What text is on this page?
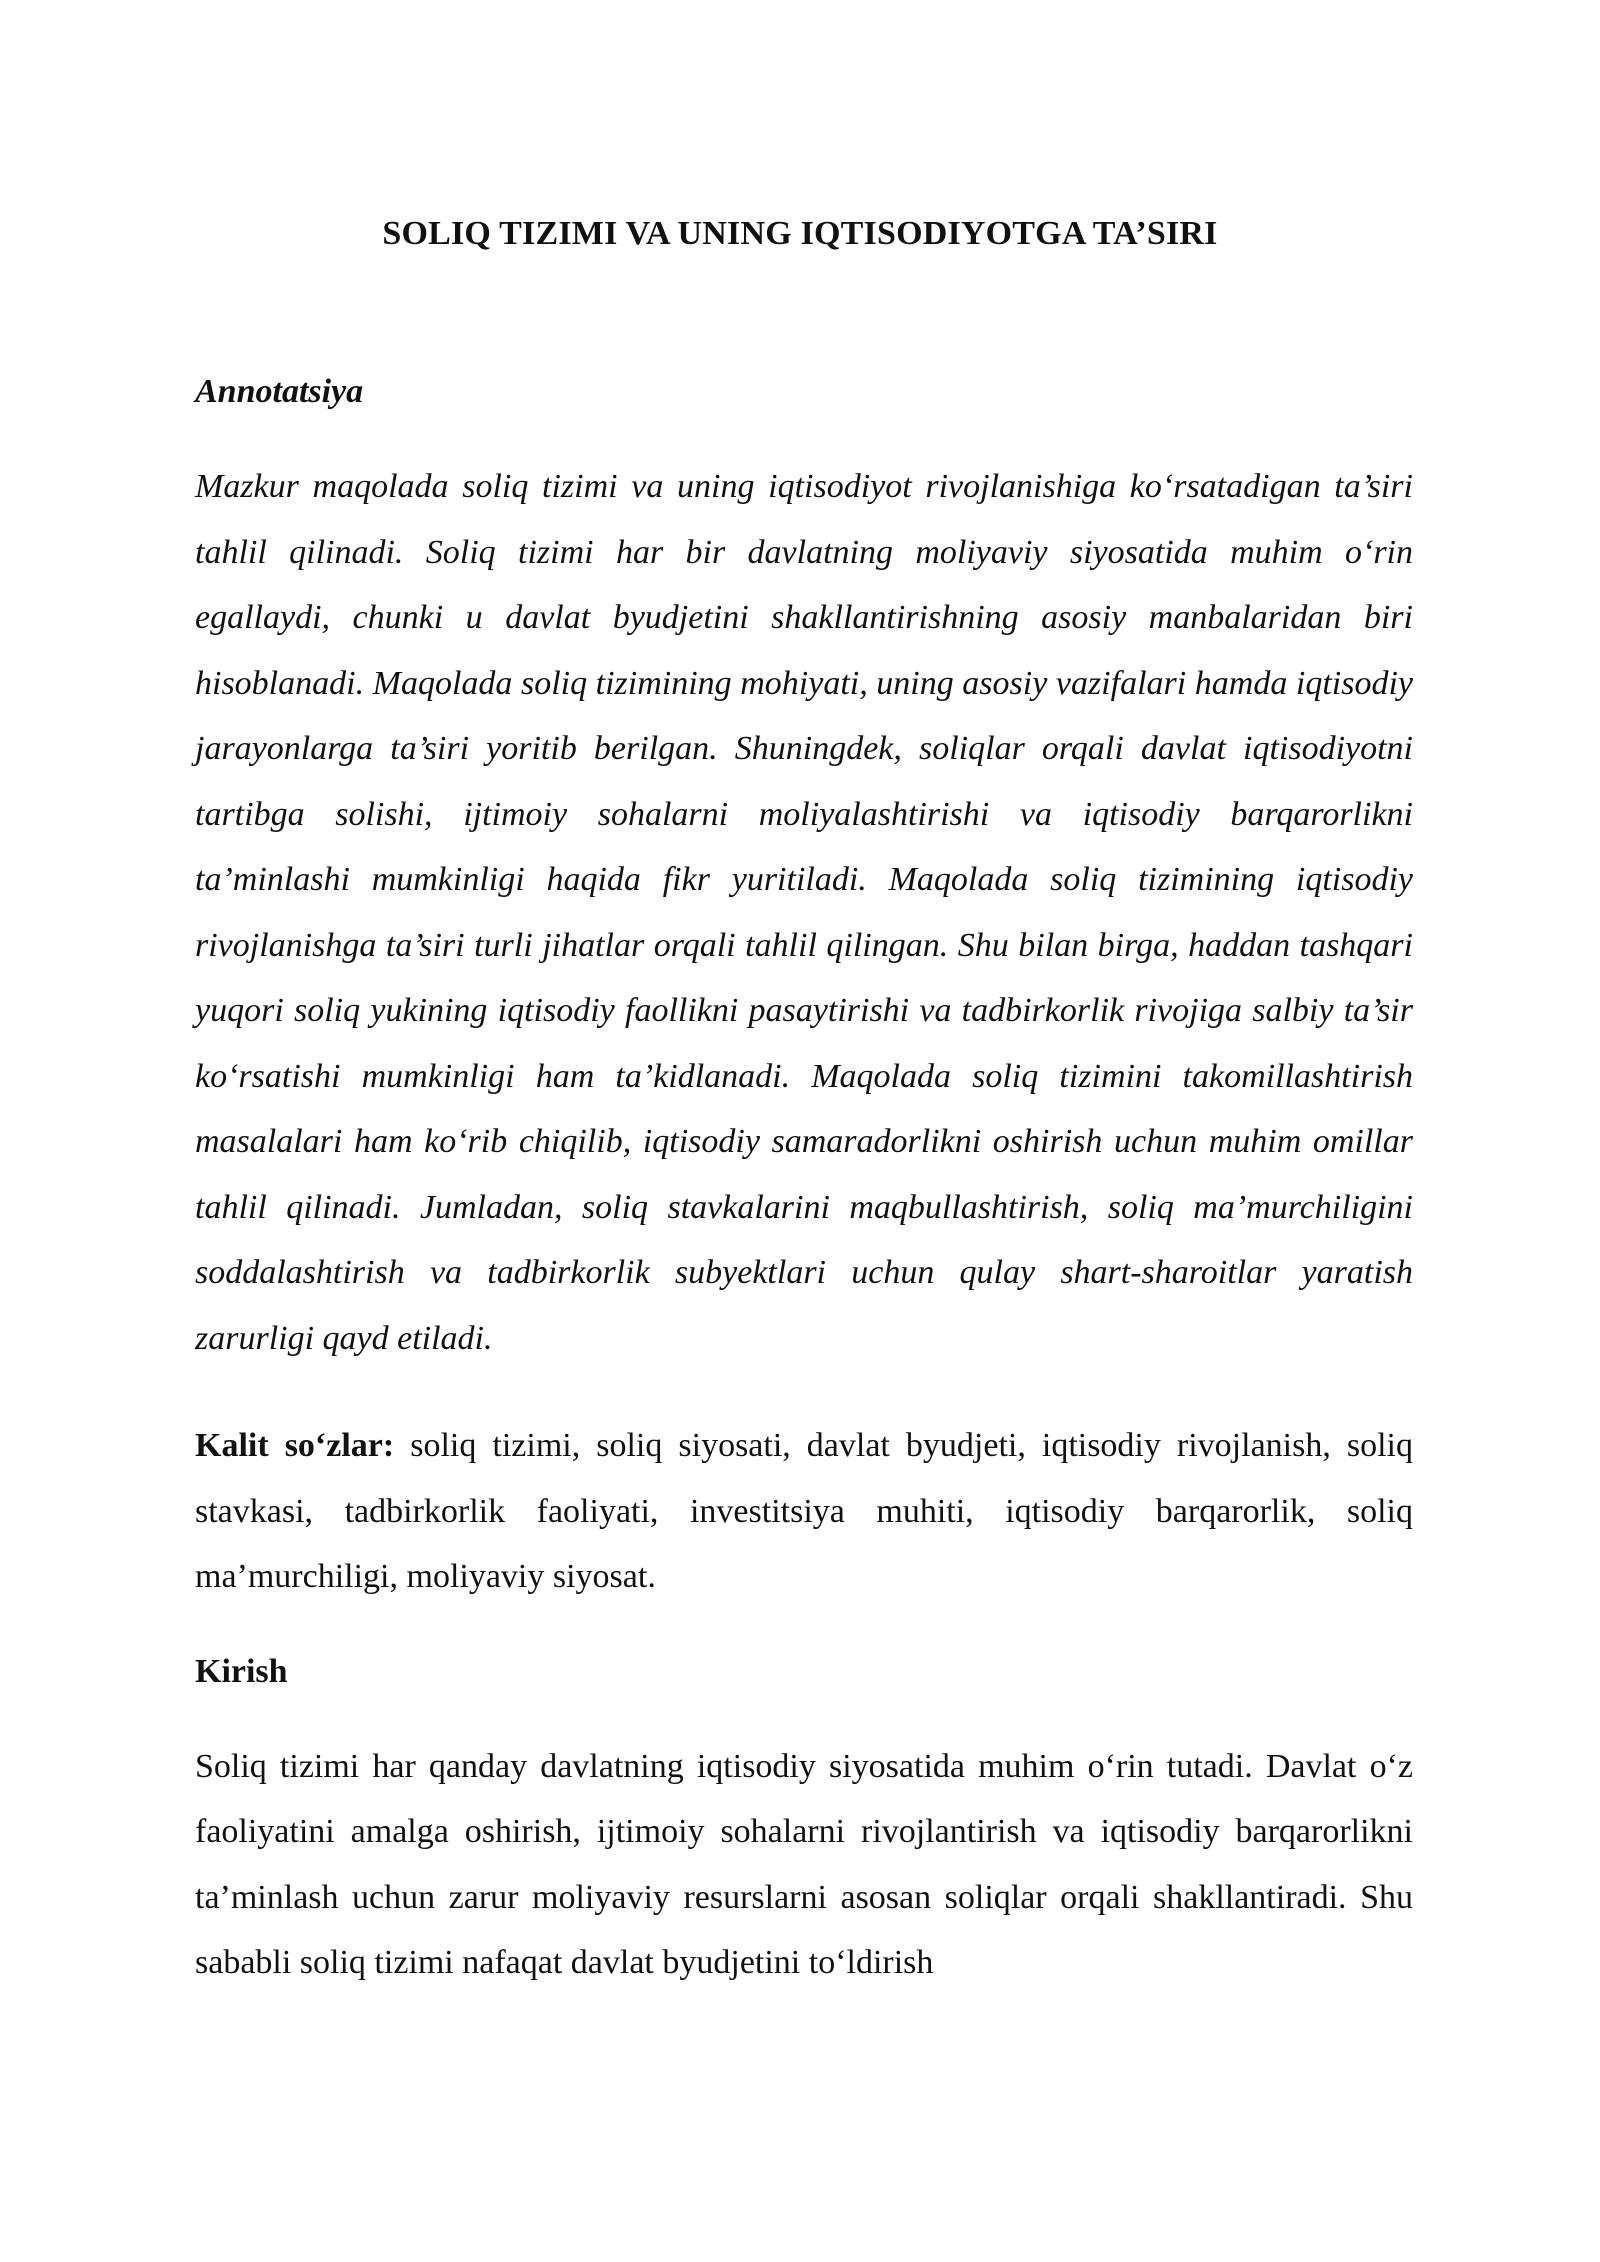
SOLIQ TIZIMI VA UNING IQTISODIYOTGA TA’SIRI
Annotatsiya

Mazkur maqolada soliq tizimi va uning iqtisodiyot rivojlanishiga ko‘rsatadigan ta’siri tahlil qilinadi. Soliq tizimi har bir davlatning moliyaviy siyosatida muhim o‘rin egallaydi, chunki u davlat byudjetini shakllantirishning asosiy manbalaridan biri hisoblanadi. Maqolada soliq tizimining mohiyati, uning asosiy vazifalari hamda iqtisodiy jarayonlarga ta’siri yoritib berilgan. Shuningdek, soliqlar orqali davlat iqtisodiyotni tartibga solishi, ijtimoiy sohalarni moliyalashtirishi va iqtisodiy barqarorlikni ta’minlashi mumkinligi haqida fikr yuritiladi. Maqolada soliq tizimining iqtisodiy rivojlanishga ta’siri turli jihatlar orqali tahlil qilingan. Shu bilan birga, haddan tashqari yuqori soliq yukining iqtisodiy faollikni pasaytirishi va tadbirkorlik rivojiga salbiy ta’sir ko‘rsatishi mumkinligi ham ta’kidlanadi. Maqolada soliq tizimini takomillashtirish masalalari ham ko‘rib chiqilib, iqtisodiy samaradorlikni oshirish uchun muhim omillar tahlil qilinadi. Jumladan, soliq stavkalarini maqbullashtirish, soliq ma’murchiligini soddalashtirish va tadbirkorlik subyektlari uchun qulay shart-sharoitlar yaratish zarurligi qayd etiladi.

Kalit so‘zlar: soliq tizimi, soliq siyosati, davlat byudjeti, iqtisodiy rivojlanish, soliq stavkasi, tadbirkorlik faoliyati, investitsiya muhiti, iqtisodiy barqarorlik, soliq ma’murchiligi, moliyaviy siyosat.

Kirish

Soliq tizimi har qanday davlatning iqtisodiy siyosatida muhim o‘rin tutadi. Davlat o‘z faoliyatini amalga oshirish, ijtimoiy sohalarni rivojlantirish va iqtisodiy barqarorlikni ta’minlash uchun zarur moliyaviy resurslarni asosan soliqlar orqali shakllantiradi. Shu sababli soliq tizimi nafaqat davlat byudjetini to‘ldirish
